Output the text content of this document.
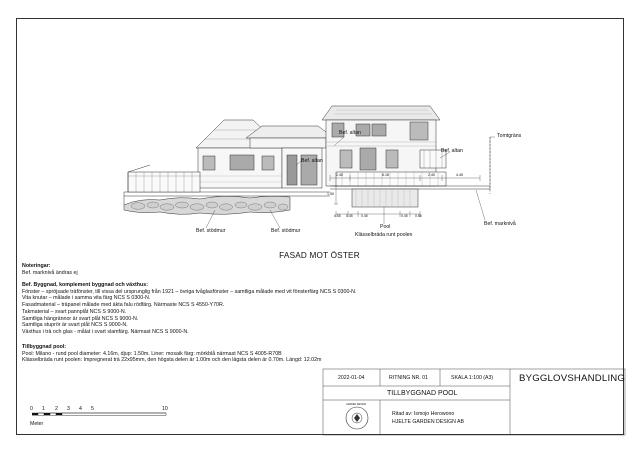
Bef. altan
Bef. altan
Bef. altan
Tomtgräns
Bef. marknivå
Bef. stödmur	Bef. stödmur
Pool
Klässelbräda runt poolen
2.40	6.18	2.40	4.45
1.50
0.55 0.45 0.45	0.45 0.55
FASAD MOT ÖSTER
Noteringar:
Bef. marknivå ändras ej
Bef. Byggnad, komplement byggnad och växthus:
Fönster – spröjsade träfönster, till vissa del ursprunglig från 1921 – övriga tvåglasfönster – samtliga målade med vit fönsterfärg NCS S 0300-N.
Vita knutar – målade i samma vita färg NCS S 0300-N.
Fasadmaterial – träpanel målade med äkta falu rödfärg. Närmaste NCS S 4550-Y70R.
Takmaterial – svart pannplåt NCS S 9000-N.
Samtliga hängrännor är svart plåt NCS S 9000-N.
Samtliga stuprör är svart plåt NCS S 9000-N.
Växthus i trä och glas - målat i svart slamfärg. Närmast NCS S 9000-N.
Tillbyggnad pool:
Pool: Milano - rund pool diameter: 4.16m, djup: 1.50m. Liner: mosaik färg: mörkblå närmast NCS S 4005-R70B
Klässelbräda runt poolen: Impregnerat trä 22x95mm, den högsta delen är 1.00m och den lägsta delen är 0.70m. Längd: 12.02m
0 1 2 3 4 5	10
Meter
2022-01-04	RITNING NR. 01	SKALA 1:100 (A3)	BYGGLOVSHANDLING
TILLBYGGNAD POOL
Ritad av: Ismojo Herowono
HJELTE GARDEN DESIGN AB
GARDEN DESIGN
